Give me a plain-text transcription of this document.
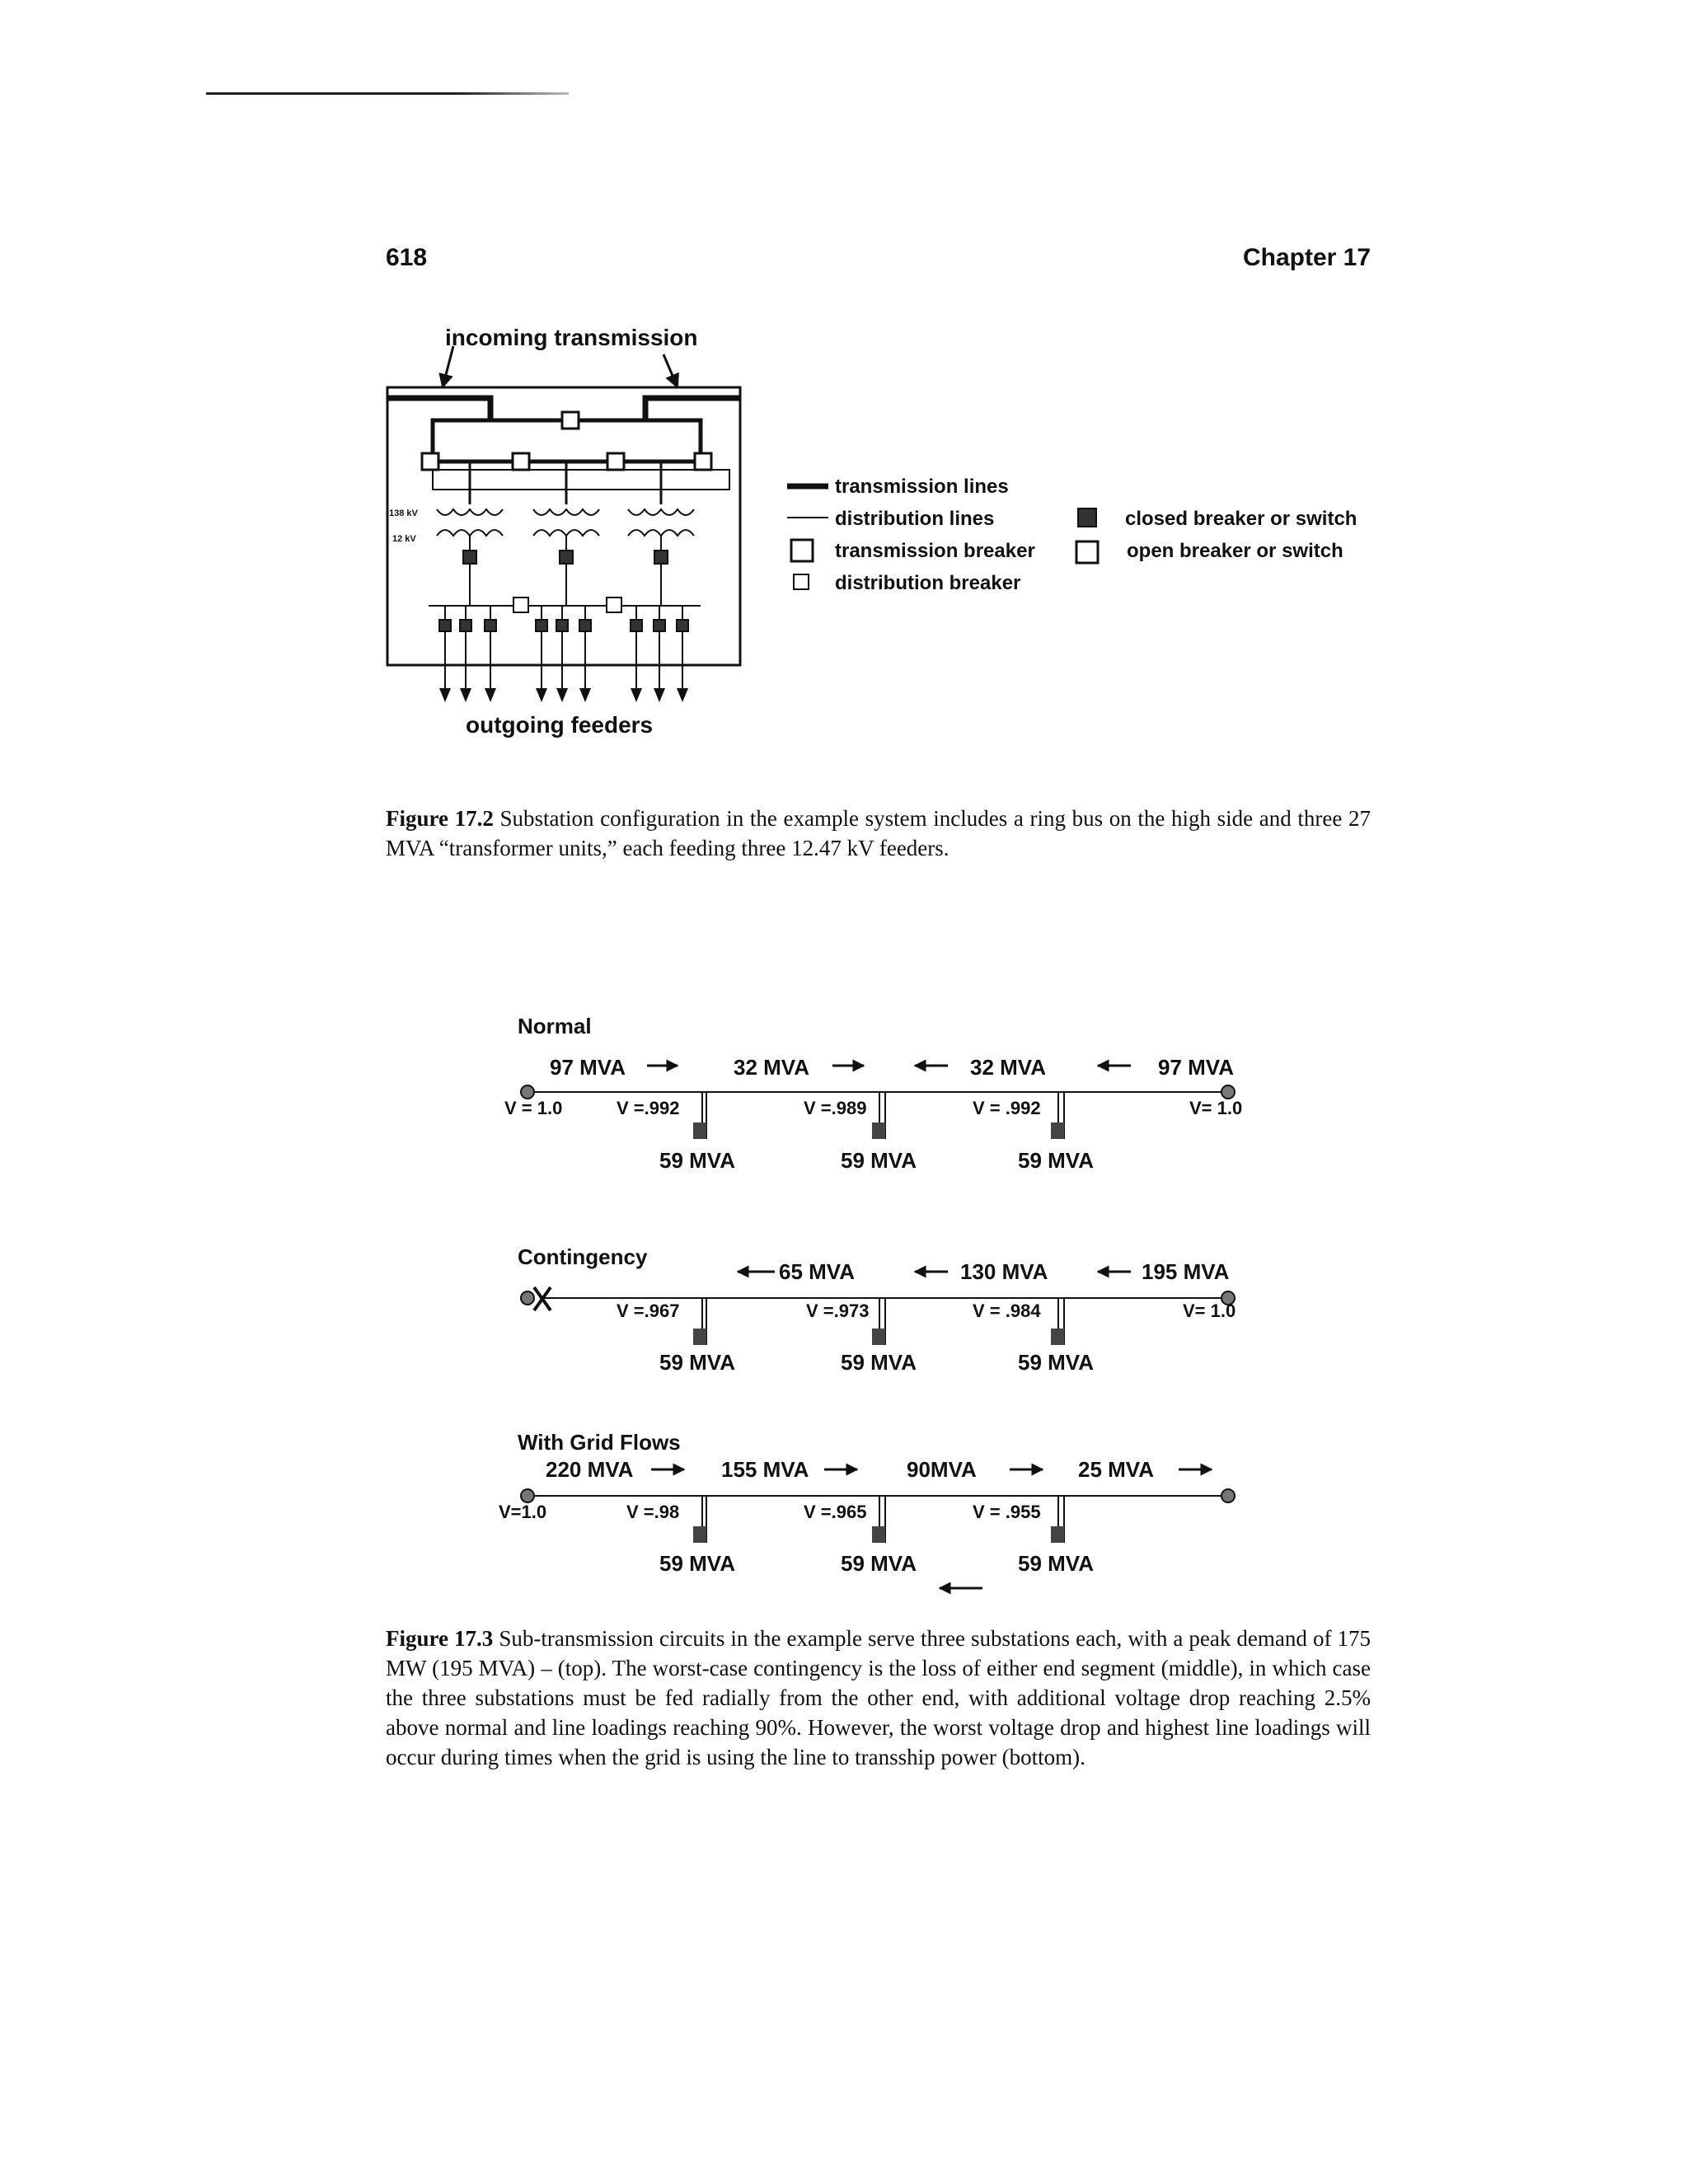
618	Chapter 17
incoming transmission
outgoing feeders
138 kV
12 kV
transmission lines
distribution lines
transmission breaker
distribution breaker
closed breaker or switch
open breaker or switch
Figure 17.2 Substation configuration in the example system includes a ring bus on the high side and three 27 MVA “transformer units,” each feeding three 12.47 kV feeders.
Normal
97 MVA	32 MVA	32 MVA	97 MVA
V = 1.0	V =.992	V =.989	V = .992	V= 1.0
59 MVA	59 MVA	59 MVA
Contingency
65 MVA	130 MVA	195 MVA
V =.967	V =.973	V = .984	V= 1.0
59 MVA	59 MVA	59 MVA
With Grid Flows
220 MVA	155 MVA	90MVA	25 MVA
V=1.0	V =.98	V =.965	V = .955
59 MVA	59 MVA	59 MVA
Figure 17.3 Sub-transmission circuits in the example serve three substations each, with a peak demand of 175 MW (195 MVA) – (top). The worst-case contingency is the loss of either end segment (middle), in which case the three substations must be fed radially from the other end, with additional voltage drop reaching 2.5% above normal and line loadings reaching 90%. However, the worst voltage drop and highest line loadings will occur during times when the grid is using the line to transship power (bottom).
